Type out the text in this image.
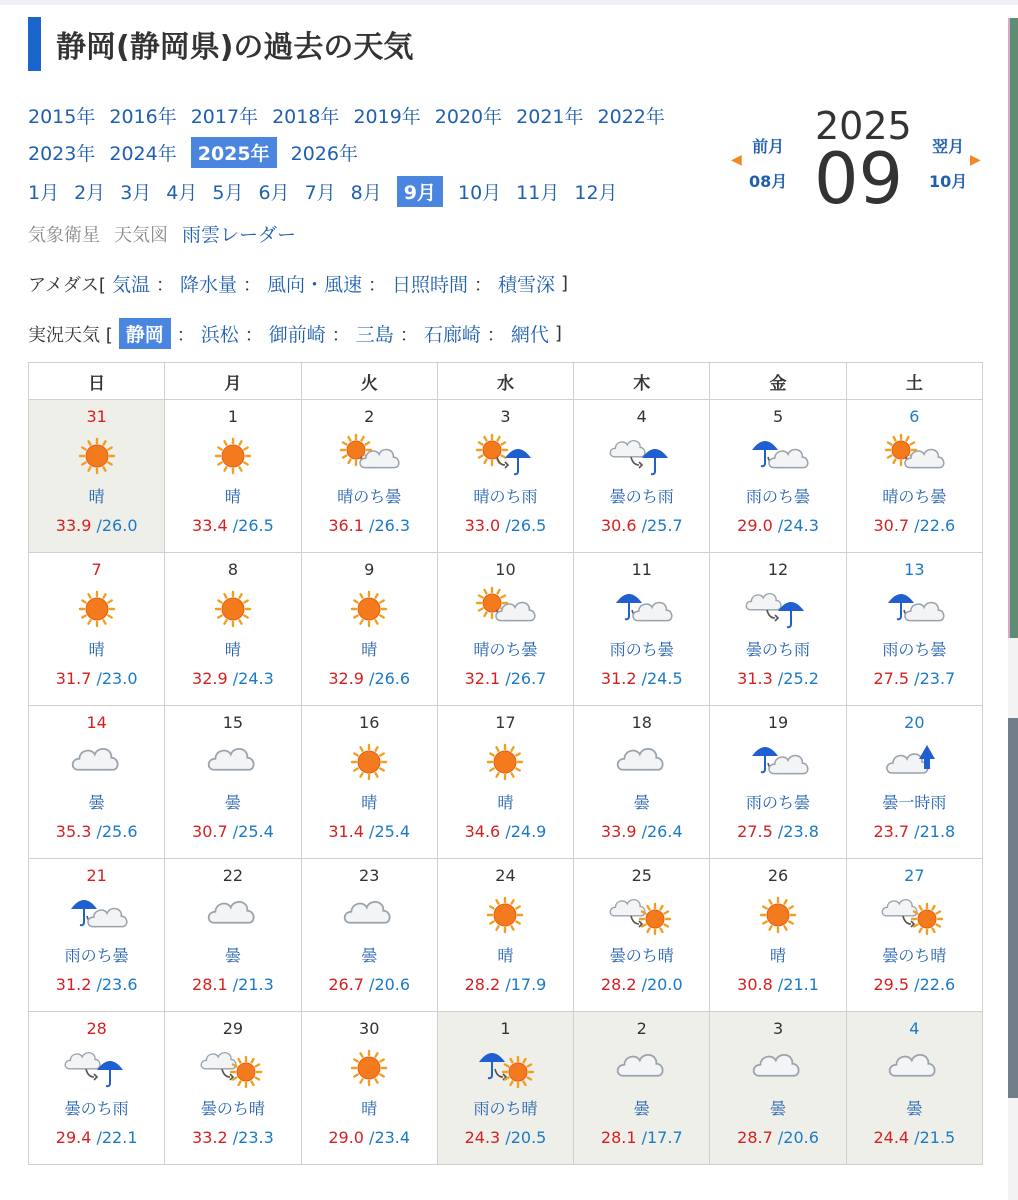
静岡(静岡県)の過去の天気
2015年 2016年 2017年 2018年 2019年 2020年 2021年 2022年
2023年 2024年	2025年	2026年
1月 2月 3月 4月 5月 6月 7月 8月	9月	10月 11月 12月
気象衛星 天気図 雨雲レーダー
アメダス[ 気温 ： 降水量 ： 風向・風速 ： 日照時間 ： 積雪深 ]
実況天気 [ 静岡 ： 浜松 ： 御前崎 ： 三島 ： 石廊崎 ： 網代 ]
◀
前月
08月
2025
09 翌月
10月
▶
日	月	火	水	木	金	土

31
晴
33.9 /26.0	1
晴
33.4 /26.5	2
晴のち曇
36.1 /26.3	3
晴のち雨
33.0 /26.5	4
曇のち雨
30.6 /25.7	5
雨のち曇
29.0 /24.3	6
晴のち曇
30.7 /22.6

7
晴
31.7 /23.0	8
晴
32.9 /24.3	9
晴
32.9 /26.6	10
晴のち曇
32.1 /26.7	11
雨のち曇
31.2 /24.5	12
曇のち雨
31.3 /25.2	13
雨のち曇
27.5 /23.7

14
曇
35.3 /25.6	15
曇
30.7 /25.4	16
晴
31.4 /25.4	17
晴
34.6 /24.9	18
曇
33.9 /26.4	19
雨のち曇
27.5 /23.8	20
曇一時雨
23.7 /21.8

21
雨のち曇
31.2 /23.6	22
曇
28.1 /21.3	23
曇
26.7 /20.6	24
晴
28.2 /17.9	25
曇のち晴
28.2 /20.0	26
晴
30.8 /21.1	27
曇のち晴
29.5 /22.6

28
曇のち雨
29.4 /22.1	29
曇のち晴
33.2 /23.3	30
晴
29.0 /23.4	1
雨のち晴
24.3 /20.5	2
曇
28.1 /17.7	3
曇
28.7 /20.6	4
曇
24.4 /21.5
